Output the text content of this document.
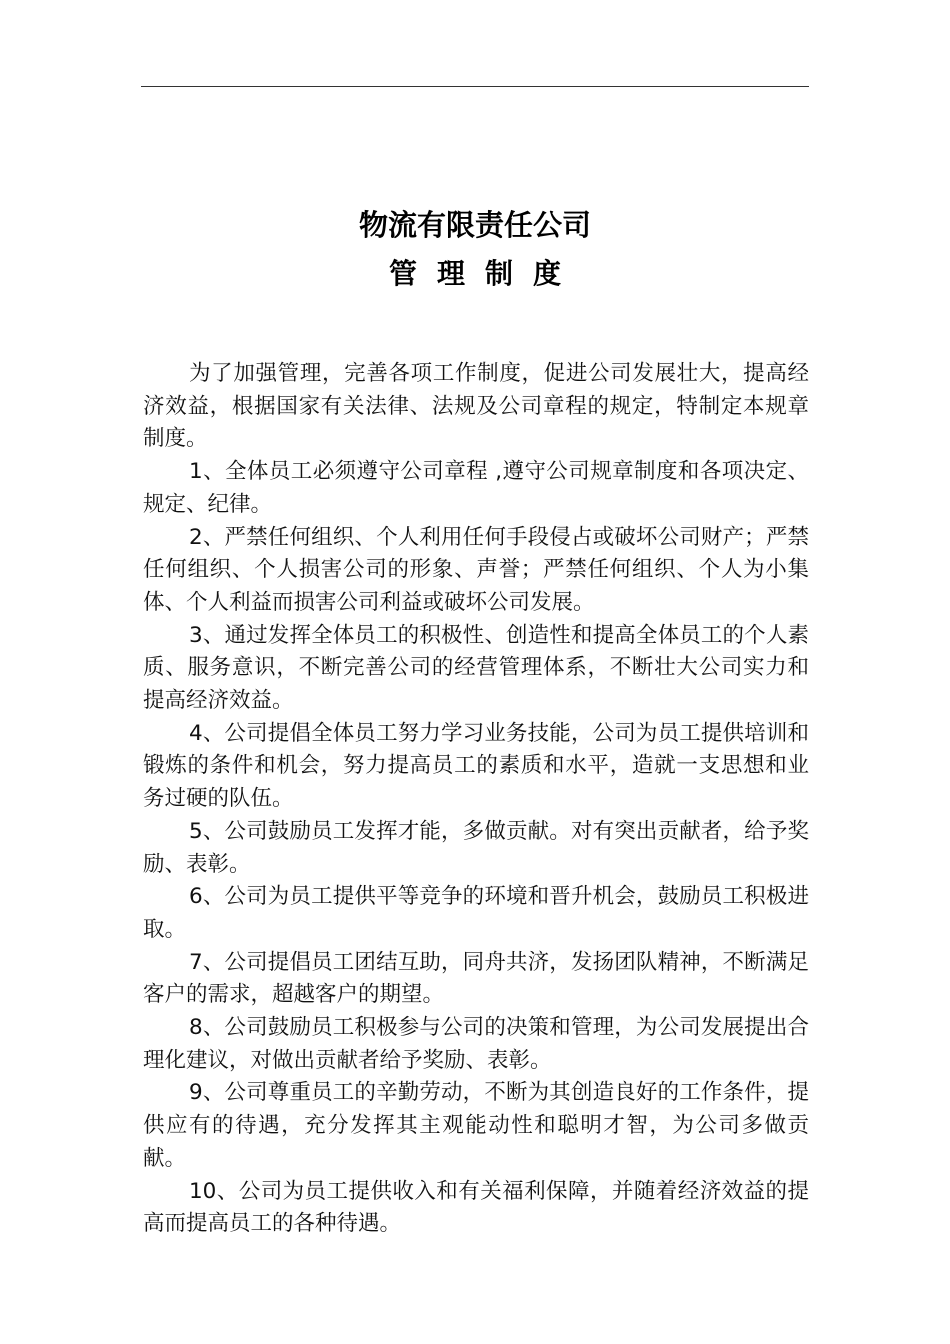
物流有限责任公司
管理制度

为了加强管理，完善各项工作制度，促进公司发展壮大，提高经济效益，根据国家有关法律、法规及公司章程的规定，特制定本规章制度。

1、全体员工必须遵守公司章程 ,遵守公司规章制度和各项决定、规定、纪律。

2、严禁任何组织、个人利用任何手段侵占或破坏公司财产；严禁任何组织、个人损害公司的形象、声誉；严禁任何组织、个人为小集体、个人利益而损害公司利益或破坏公司发展。

3、通过发挥全体员工的积极性、创造性和提高全体员工的个人素质、服务意识，不断完善公司的经营管理体系，不断壮大公司实力和提高经济效益。

4、公司提倡全体员工努力学习业务技能，公司为员工提供培训和锻炼的条件和机会，努力提高员工的素质和水平，造就一支思想和业务过硬的队伍。

5、公司鼓励员工发挥才能，多做贡献。对有突出贡献者，给予奖励、表彰。

6、公司为员工提供平等竞争的环境和晋升机会，鼓励员工积极进取。

7、公司提倡员工团结互助，同舟共济，发扬团队精神，不断满足客户的需求，超越客户的期望。

8、公司鼓励员工积极参与公司的决策和管理，为公司发展提出合理化建议，对做出贡献者给予奖励、表彰。

9、公司尊重员工的辛勤劳动，不断为其创造良好的工作条件，提供应有的待遇，充分发挥其主观能动性和聪明才智，为公司多做贡献。

10、公司为员工提供收入和有关福利保障，并随着经济效益的提高而提高员工的各种待遇。
